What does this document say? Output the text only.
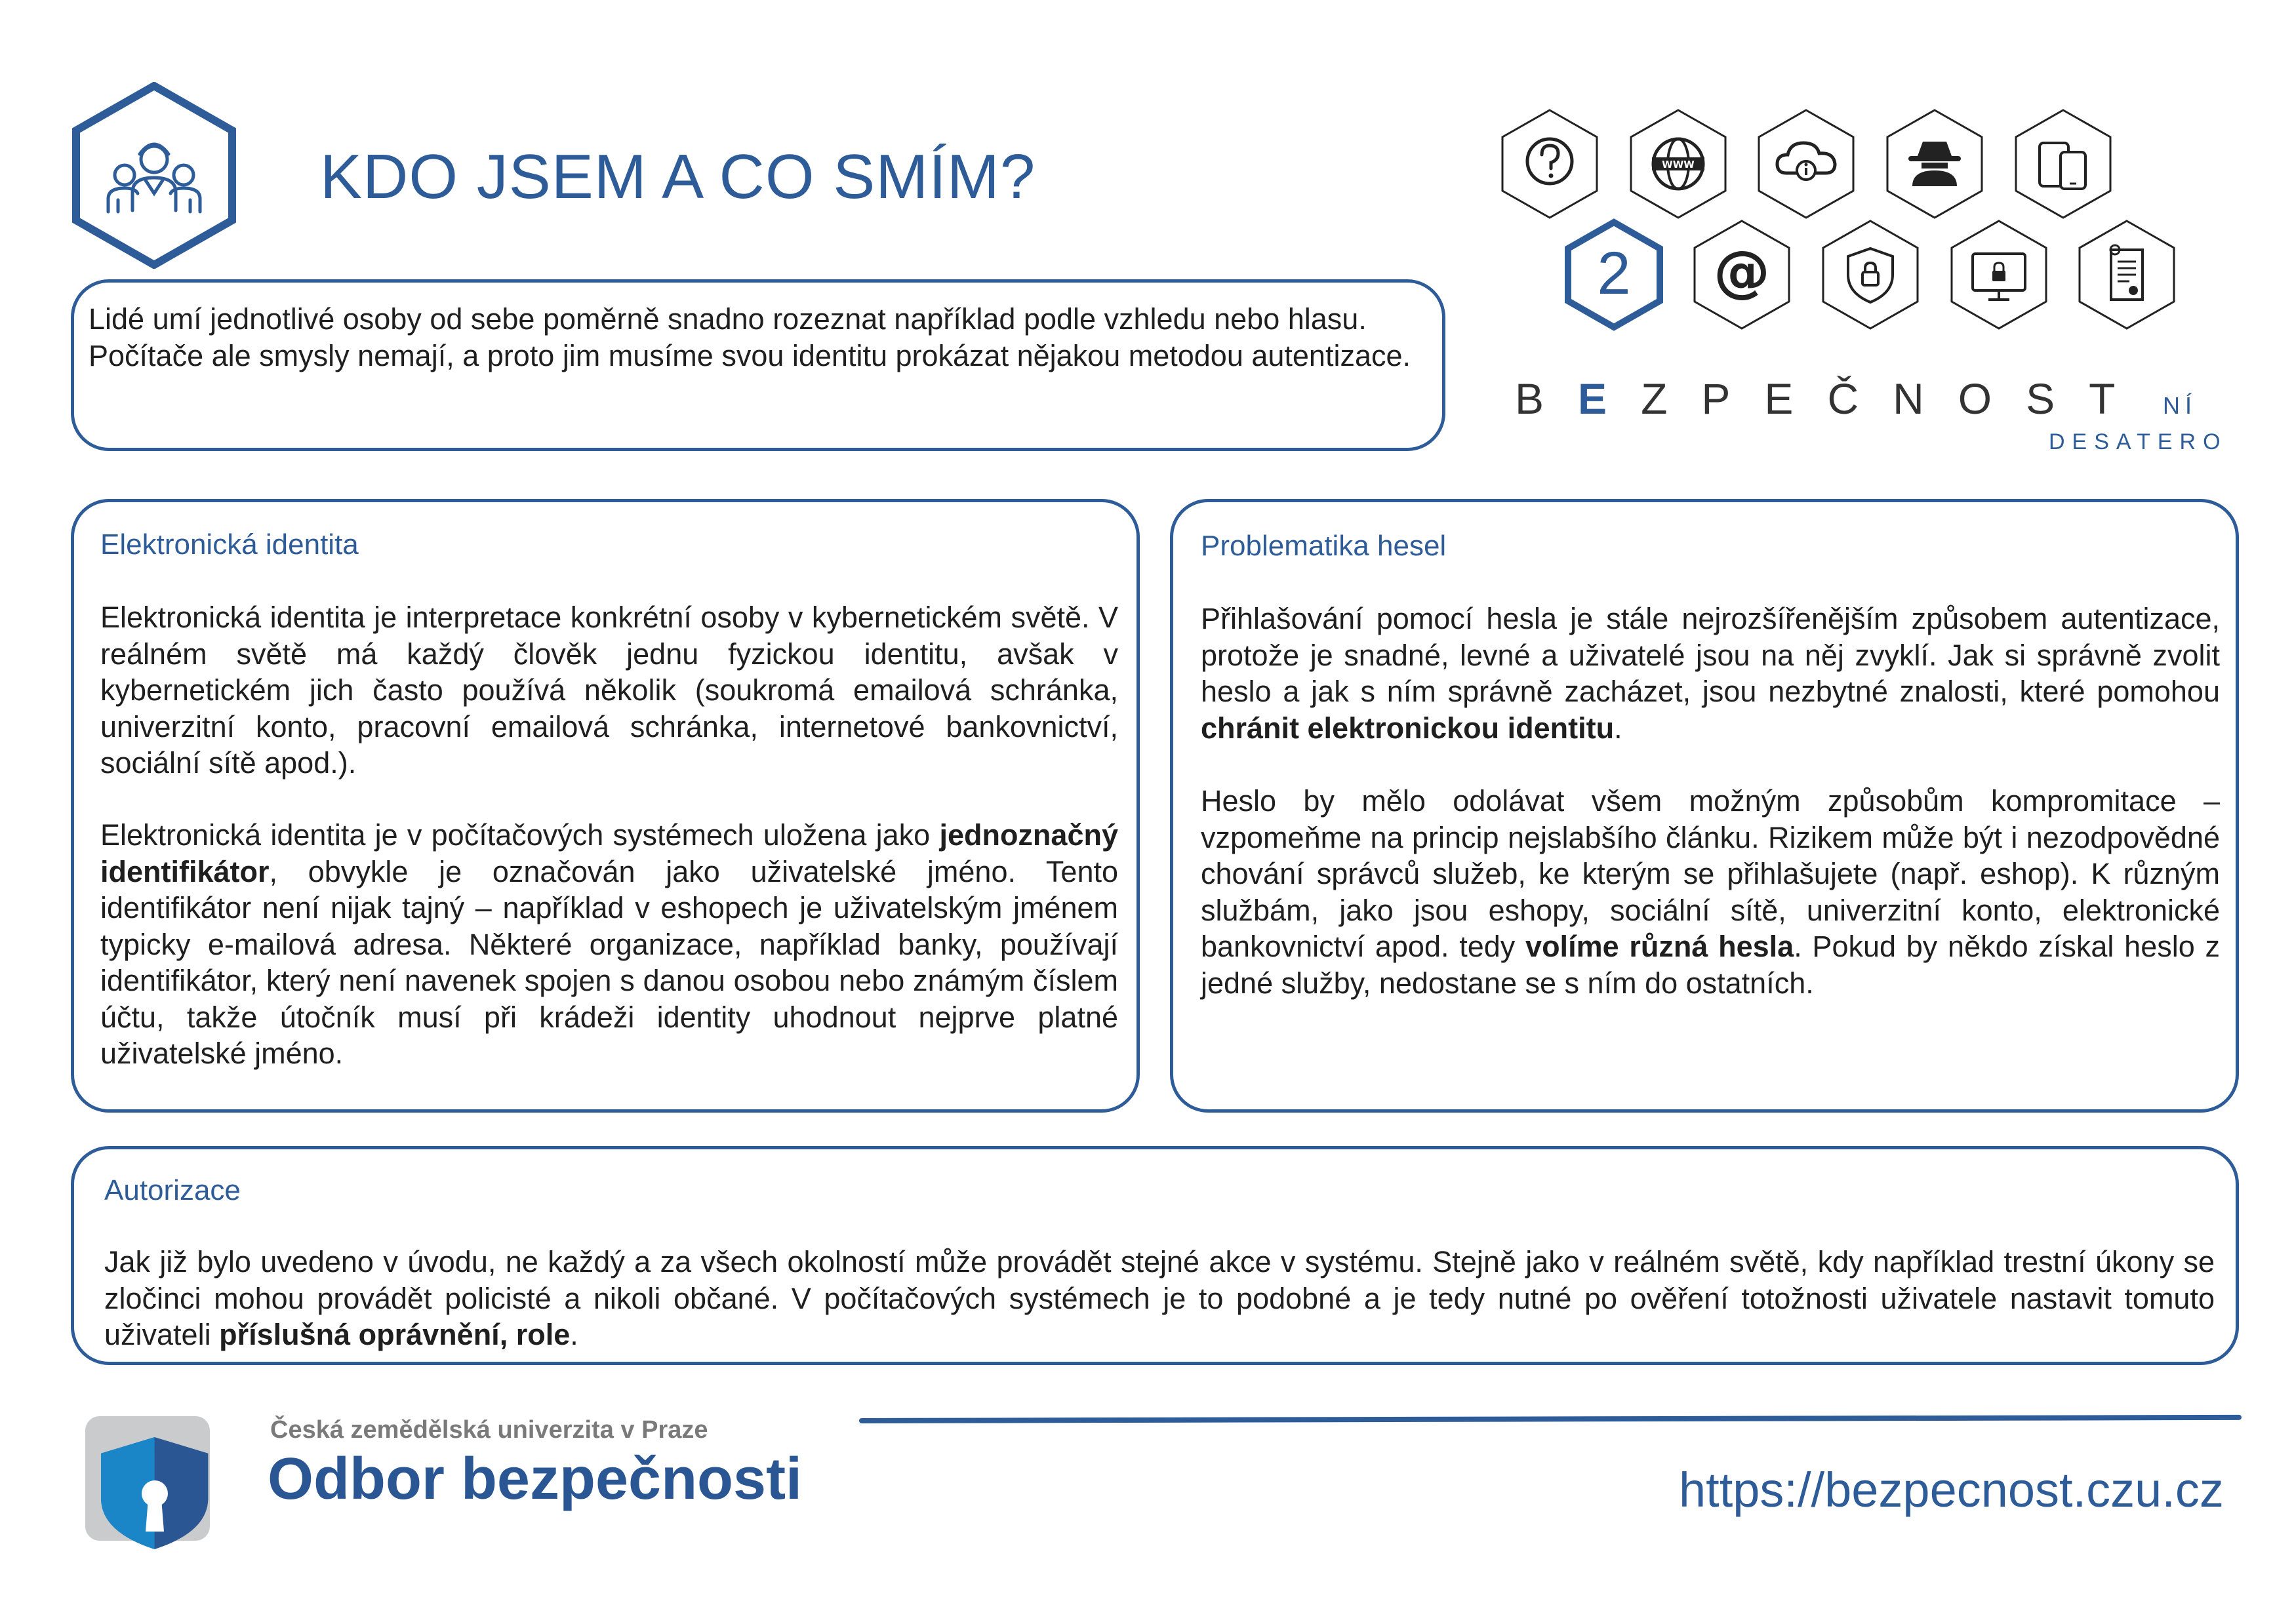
KDO JSEM A CO SMÍM?	WWW
2	@
BEZPEČNOST NÍ
DESATERO

Lidé umí jednotlivé osoby od sebe poměrně snadno rozeznat například podle vzhledu nebo hlasu.
Počítače ale smysly nemají, a proto jim musíme svou identitu prokázat nějakou metodou autentizace.

Elektronická identita

Elektronická identita je interpretace konkrétní osoby v kybernetickém světě. V reálném světě má každý člověk jednu fyzickou identitu, avšak v kybernetickém jich často používá několik (soukromá emailová schránka, univerzitní konto, pracovní emailová schránka, internetové bankovnictví, sociální sítě apod.).

Elektronická identita je v počítačových systémech uložena jako jednoznačný identifikátor, obvykle je označován jako uživatelské jméno. Tento identifikátor není nijak tajný – například v eshopech je uživatelským jménem typicky e-mailová adresa. Některé organizace, například banky, používají identifikátor, který není navenek spojen s danou osobou nebo známým číslem účtu, takže útočník musí při krádeži identity uhodnout nejprve platné uživatelské jméno.

Problematika hesel

Přihlašování pomocí hesla je stále nejrozšířenějším způsobem autentizace, protože je snadné, levné a uživatelé jsou na něj zvyklí. Jak si správně zvolit heslo a jak s ním správně zacházet, jsou nezbytné znalosti, které pomohou chránit elektronickou identitu.

Heslo by mělo odolávat všem možným způsobům kompromitace – vzpomeňme na princip nejslabšího článku. Rizikem může být i nezodpovědné chování správců služeb, ke kterým se přihlašujete (např. eshop). K různým službám, jako jsou eshopy, sociální sítě, univerzitní konto, elektronické bankovnictví apod. tedy volíme různá hesla. Pokud by někdo získal heslo z jedné služby, nedostane se s ním do ostatních.

Autorizace

Jak již bylo uvedeno v úvodu, ne každý a za všech okolností může provádět stejné akce v systému. Stejně jako v reálném světě, kdy například trestní úkony se zločinci mohou provádět policisté a nikoli občané. V počítačových systémech je to podobné a je tedy nutné po ověření totožnosti uživatele nastavit tomuto uživateli příslušná oprávnění, role.

Česká zemědělská univerzita v Praze
Odbor bezpečnosti	https://bezpecnost.czu.cz
